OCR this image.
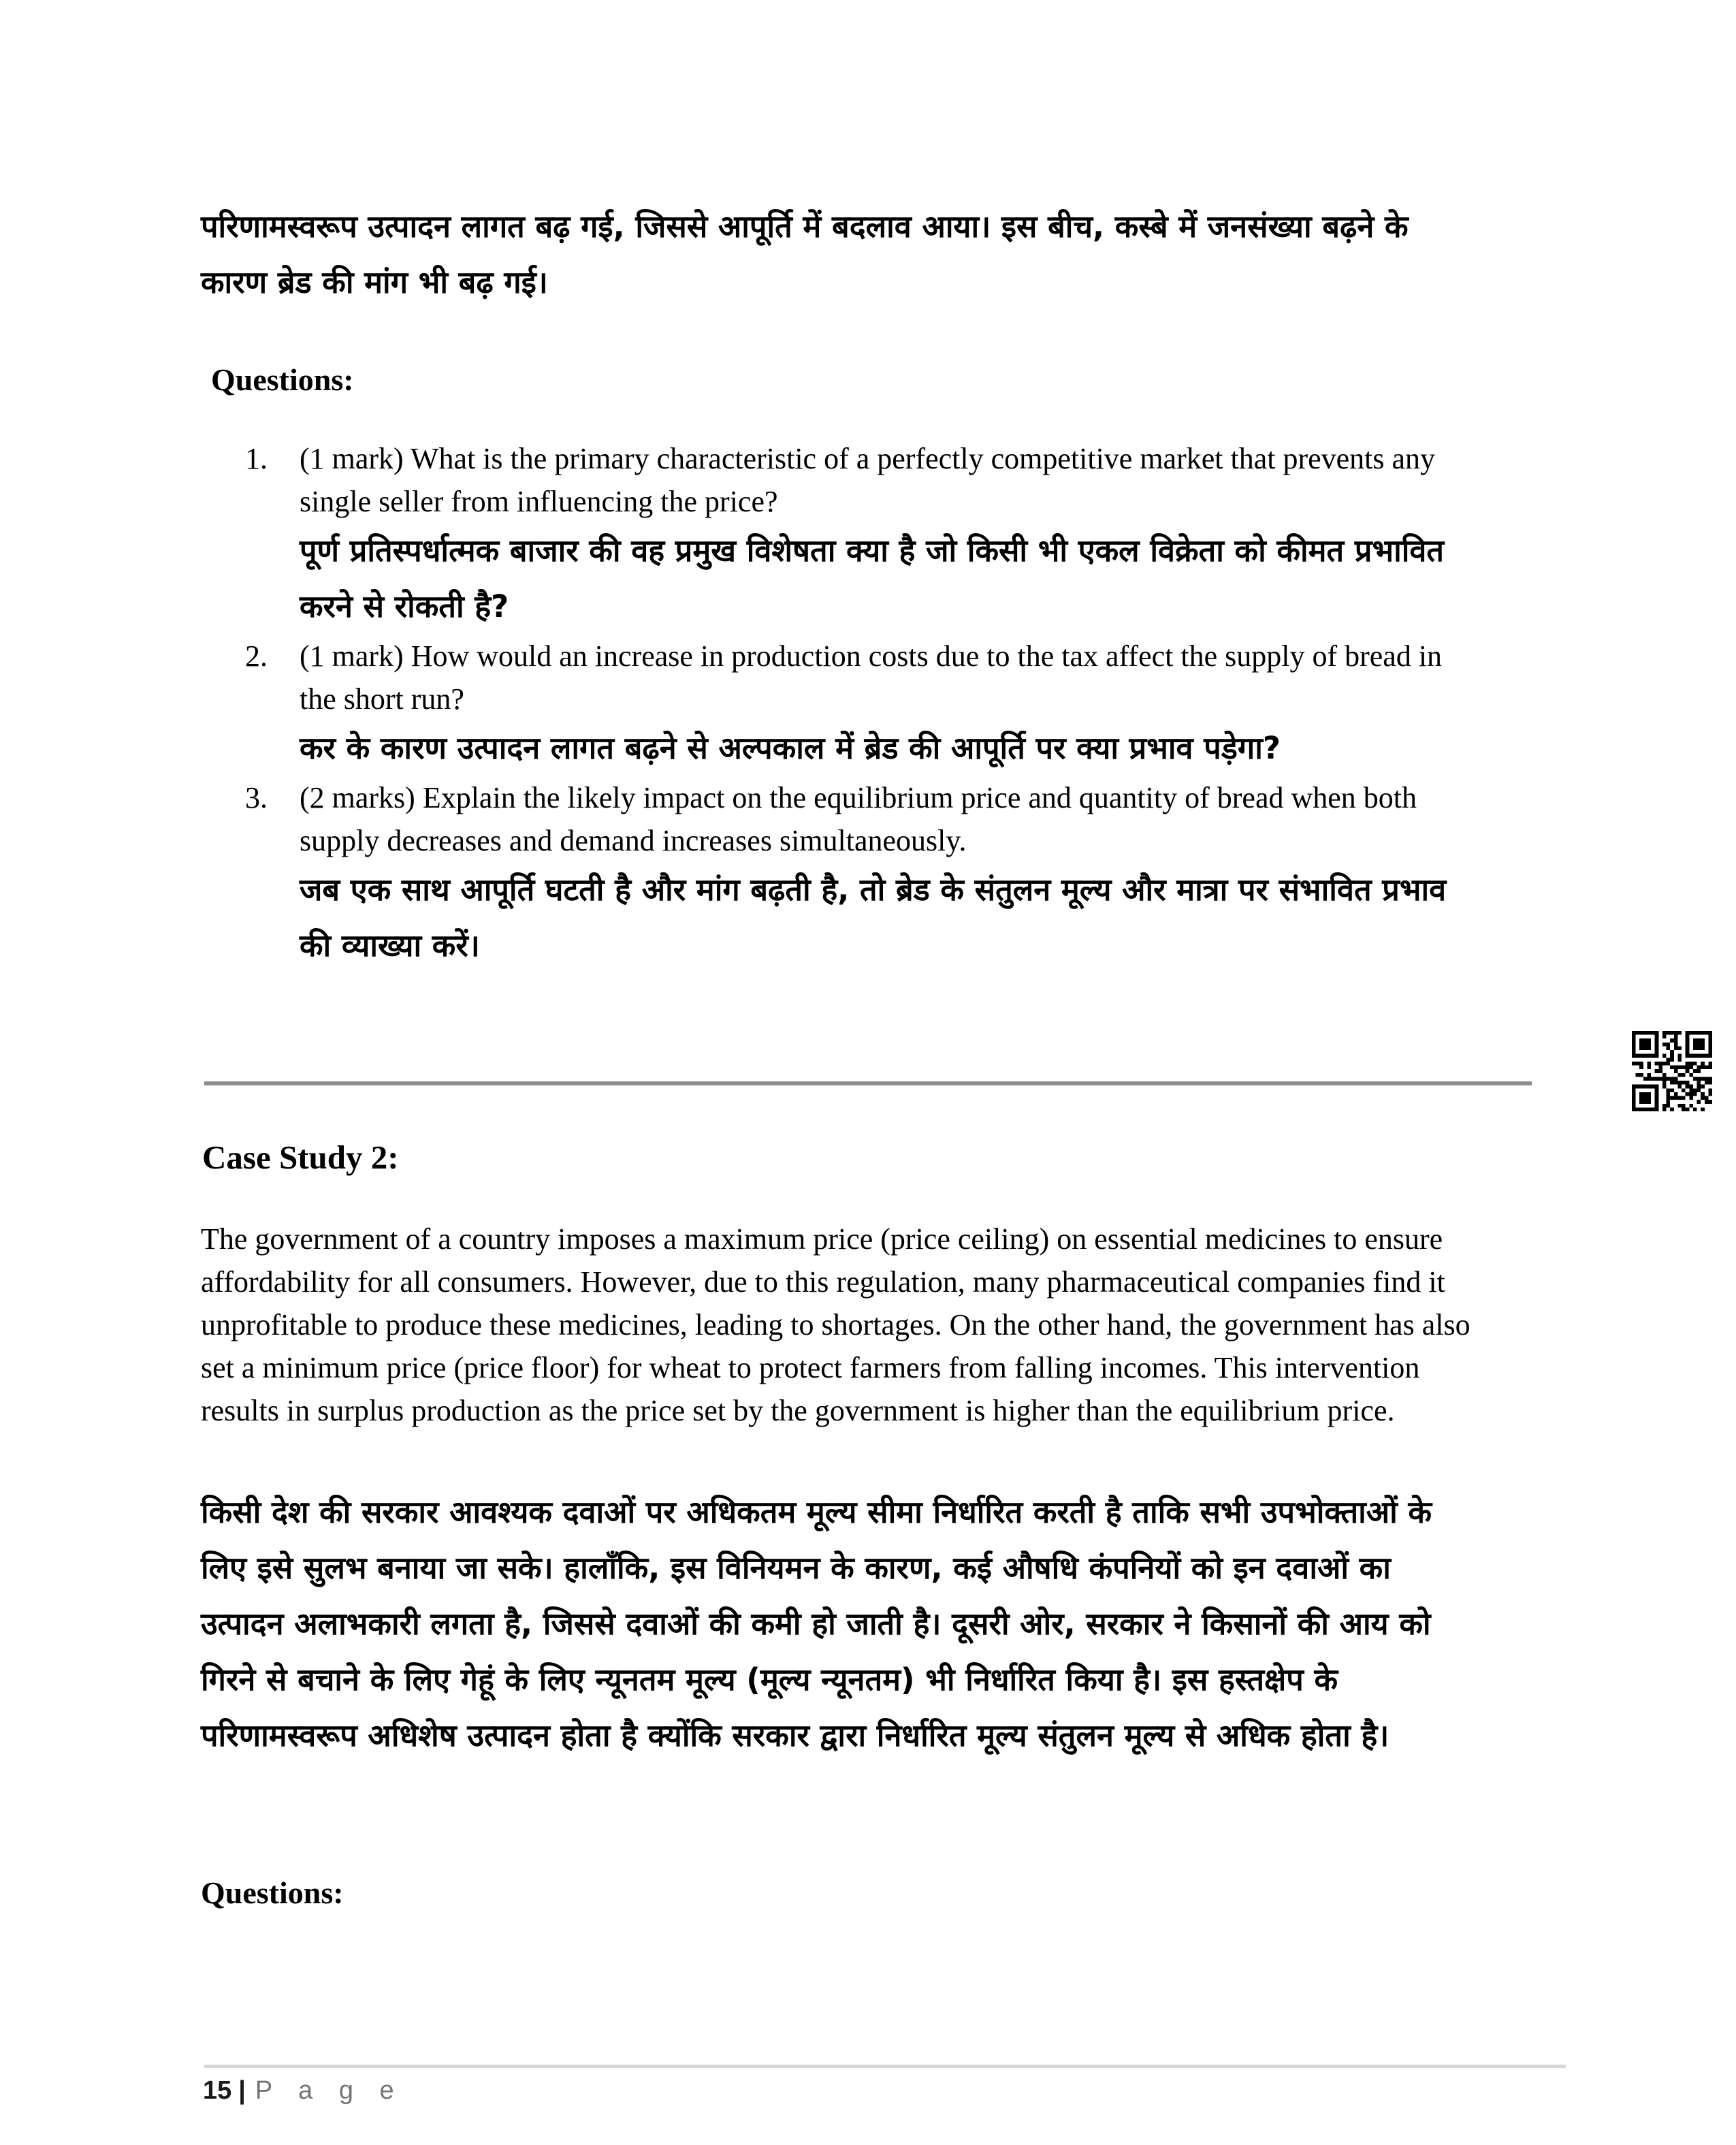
परिणामस्वरूप उत्पादन लागत बढ़ गई, जिससे आपूर्ति में बदलाव आया। इस बीच, कस्बे में जनसंख्या बढ़ने के कारण ब्रेड की मांग भी बढ़ गई।

Questions:
1.	(1 mark) What is the primary characteristic of a perfectly competitive market that prevents any single seller from influencing the price?

पूर्ण प्रतिस्पर्धात्मक बाजार की वह प्रमुख विशेषता क्या है जो किसी भी एकल विक्रेता को कीमत प्रभावित करने से रोकती है?

2.	(1 mark) How would an increase in production costs due to the tax affect the supply of bread in the short run?

कर के कारण उत्पादन लागत बढ़ने से अल्पकाल में ब्रेड की आपूर्ति पर क्या प्रभाव पड़ेगा?

3.	(2 marks) Explain the likely impact on the equilibrium price and quantity of bread when both supply decreases and demand increases simultaneously.

जब एक साथ आपूर्ति घटती है और मांग बढ़ती है, तो ब्रेड के संतुलन मूल्य और मात्रा पर संभावित प्रभाव की व्याख्या करें।

Case Study 2:

The government of a country imposes a maximum price (price ceiling) on essential medicines to ensure affordability for all consumers. However, due to this regulation, many pharmaceutical companies find it unprofitable to produce these medicines, leading to shortages. On the other hand, the government has also set a minimum price (price floor) for wheat to protect farmers from falling incomes. This intervention results in surplus production as the price set by the government is higher than the equilibrium price.

किसी देश की सरकार आवश्यक दवाओं पर अधिकतम मूल्य सीमा निर्धारित करती है ताकि सभी उपभोक्ताओं के लिए इसे सुलभ बनाया जा सके। हालाँकि, इस विनियमन के कारण, कई औषधि कंपनियों को इन दवाओं का उत्पादन अलाभकारी लगता है, जिससे दवाओं की कमी हो जाती है। दूसरी ओर, सरकार ने किसानों की आय को गिरने से बचाने के लिए गेहूं के लिए न्यूनतम मूल्य (मूल्य न्यूनतम) भी निर्धारित किया है। इस हस्तक्षेप के परिणामस्वरूप अधिशेष उत्पादन होता है क्योंकि सरकार द्वारा निर्धारित मूल्य संतुलन मूल्य से अधिक होता है।

Questions:
15 | P a g e
